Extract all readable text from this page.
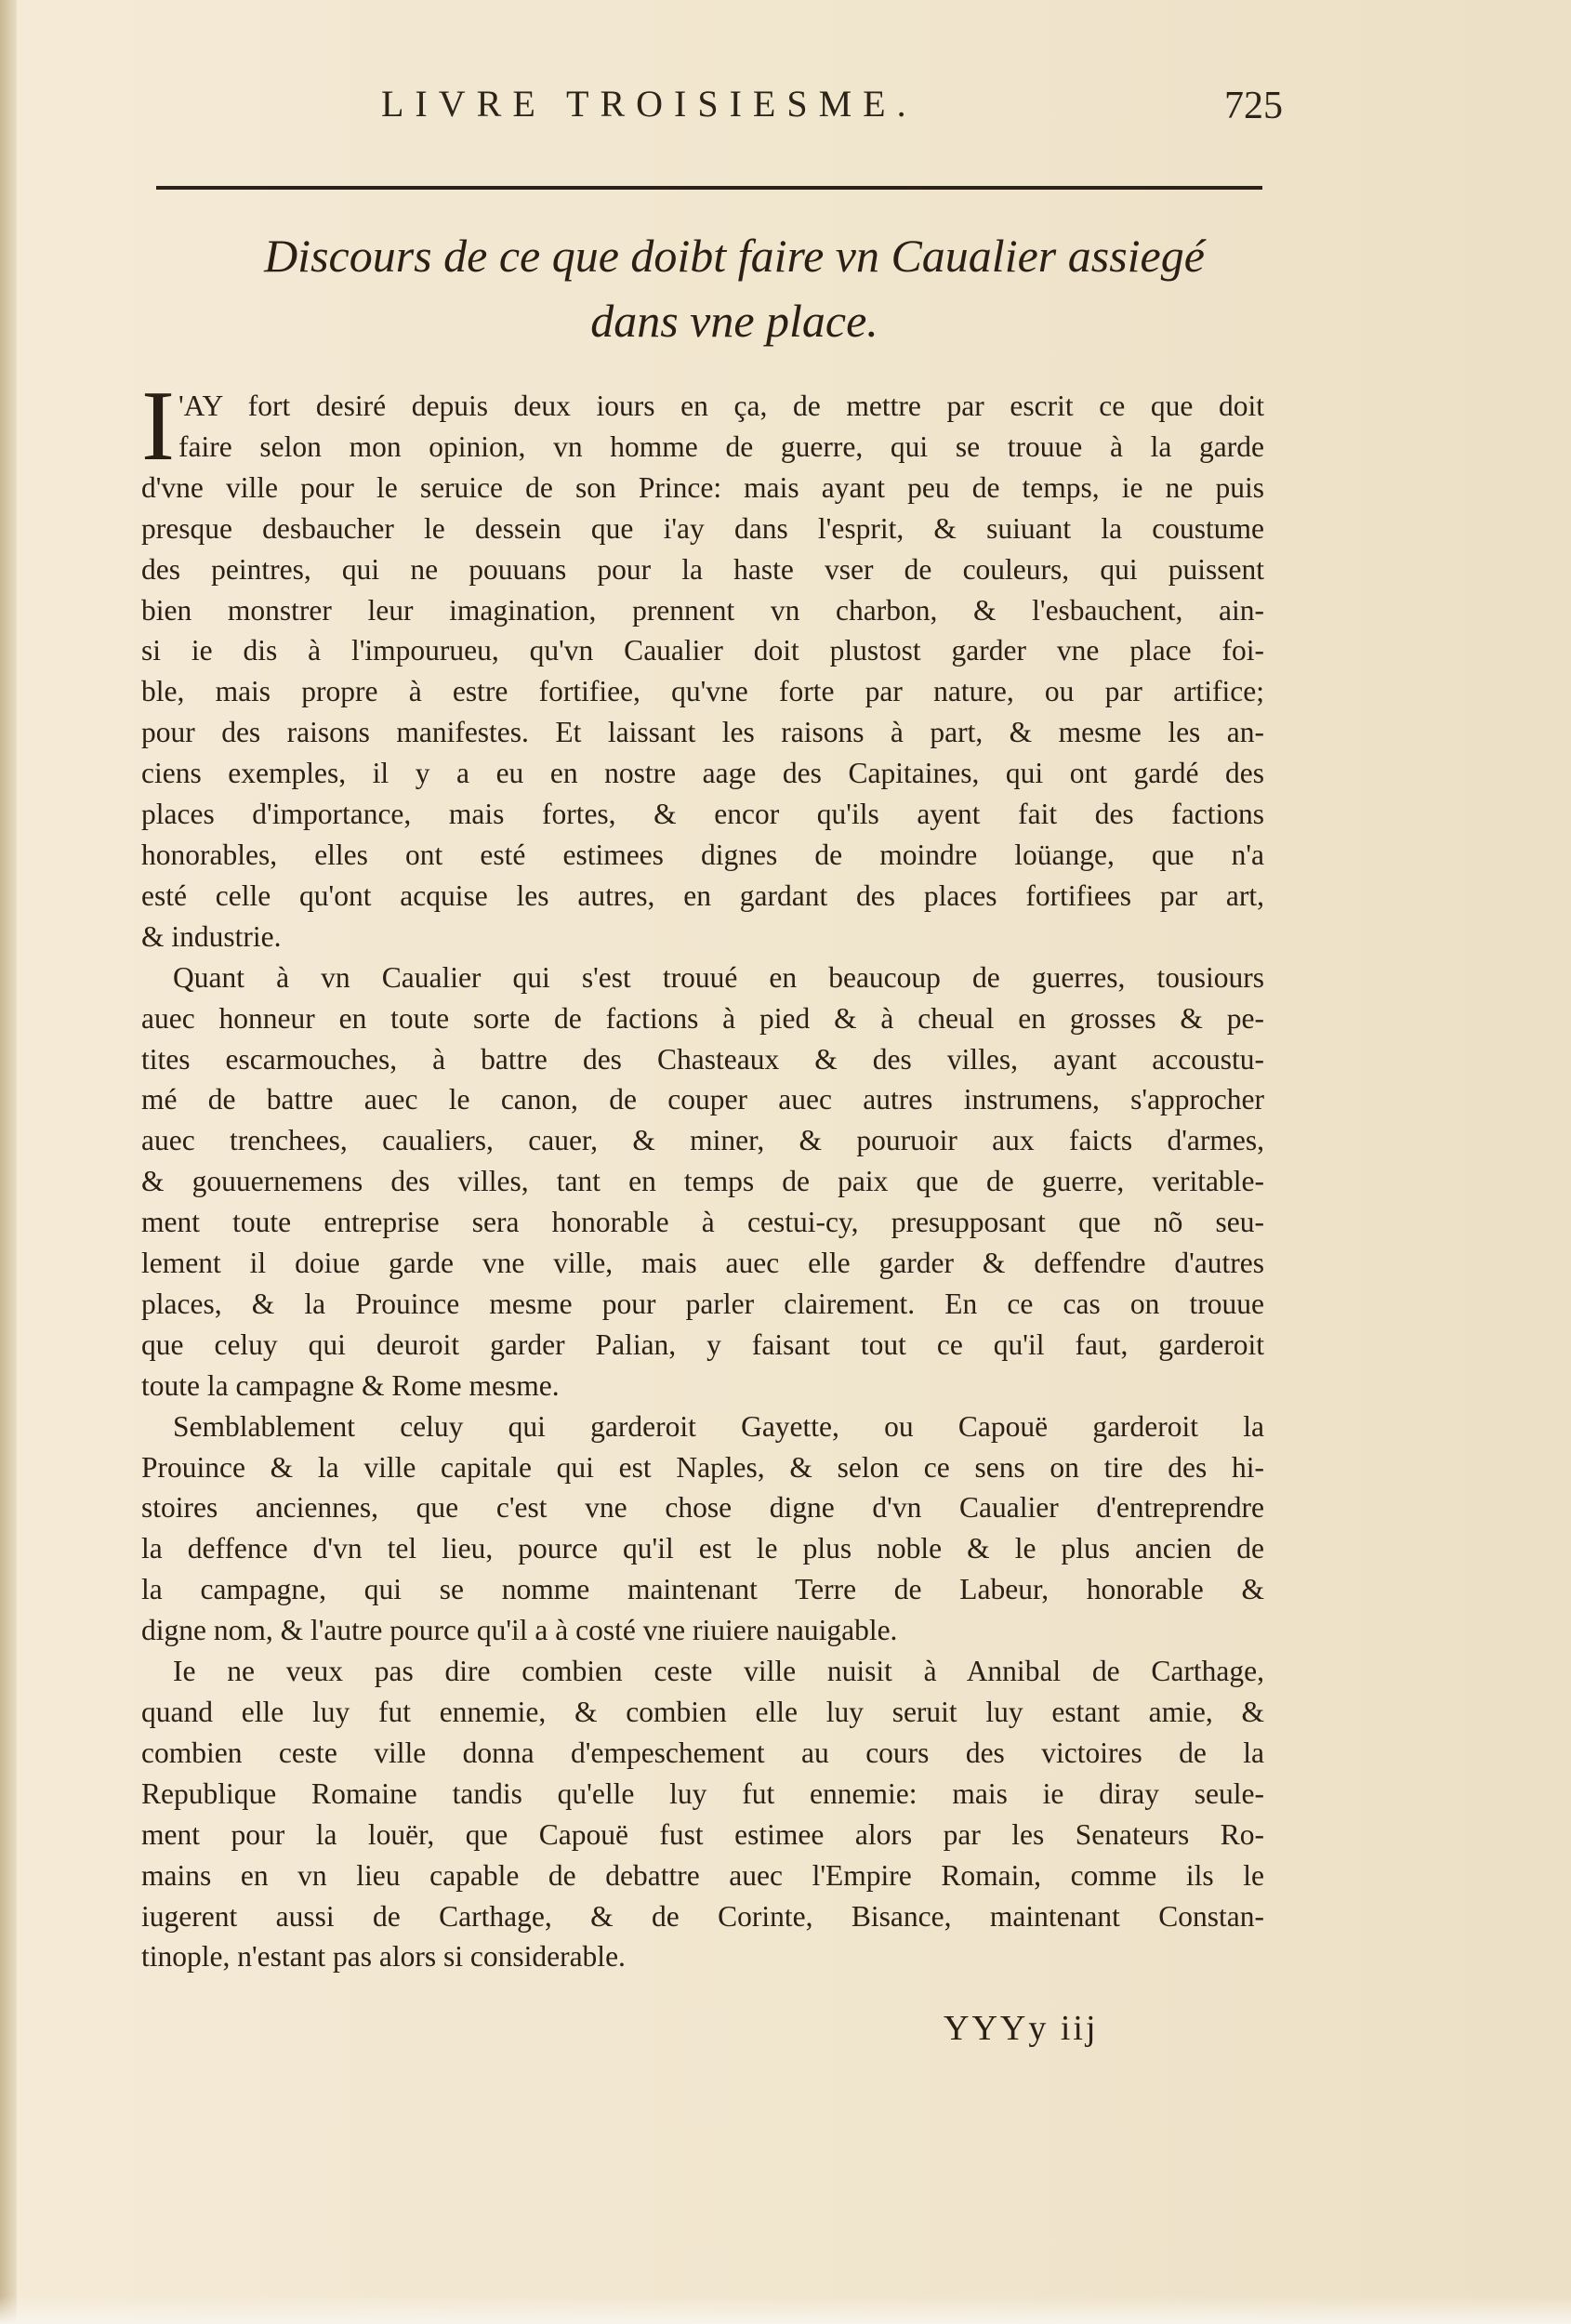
LIVRE TROISIESME.	725
Discours de ce que doibt faire vn Caualier assiegé
dans vne place.
I 'AY fort desiré depuis deux iours en ça, de mettre par escrit ce que doit
faire selon mon opinion, vn homme de guerre, qui se trouue à la garde
d'vne ville pour le seruice de son Prince: mais ayant peu de temps, ie ne puis
presque desbaucher le dessein que i'ay dans l'esprit, & suiuant la coustume
des peintres, qui ne pouuans pour la haste vser de couleurs, qui puissent
bien monstrer leur imagination, prennent vn charbon, & l'esbauchent, ain-
si ie dis à l'impourueu, qu'vn Caualier doit plustost garder vne place foi-
ble, mais propre à estre fortifiee, qu'vne forte par nature, ou par artifice;
pour des raisons manifestes. Et laissant les raisons à part, & mesme les an-
ciens exemples, il y a eu en nostre aage des Capitaines, qui ont gardé des
places d'importance, mais fortes, & encor qu'ils ayent fait des factions
honorables, elles ont esté estimees dignes de moindre loüange, que n'a
esté celle qu'ont acquise les autres, en gardant des places fortifiees par art,
& industrie.
Quant à vn Caualier qui s'est trouué en beaucoup de guerres, tousiours
auec honneur en toute sorte de factions à pied & à cheual en grosses & pe-
tites escarmouches, à battre des Chasteaux & des villes, ayant accoustu-
mé de battre auec le canon, de couper auec autres instrumens, s'approcher
auec trenchees, caualiers, cauer, & miner, & pouruoir aux faicts d'armes,
& gouuernemens des villes, tant en temps de paix que de guerre, veritable-
ment toute entreprise sera honorable à cestui-cy, presupposant que nõ seu-
lement il doiue garde vne ville, mais auec elle garder & deffendre d'autres
places, & la Prouince mesme pour parler clairement. En ce cas on trouue
que celuy qui deuroit garder Palian, y faisant tout ce qu'il faut, garderoit
toute la campagne & Rome mesme.
Semblablement celuy qui garderoit Gayette, ou Capouë garderoit la
Prouince & la ville capitale qui est Naples, & selon ce sens on tire des hi-
stoires anciennes, que c'est vne chose digne d'vn Caualier d'entreprendre
la deffence d'vn tel lieu, pource qu'il est le plus noble & le plus ancien de
la campagne, qui se nomme maintenant Terre de Labeur, honorable &
digne nom, & l'autre pource qu'il a à costé vne riuiere nauigable.
Ie ne veux pas dire combien ceste ville nuisit à Annibal de Carthage,
quand elle luy fut ennemie, & combien elle luy seruit luy estant amie, &
combien ceste ville donna d'empeschement au cours des victoires de la
Republique Romaine tandis qu'elle luy fut ennemie: mais ie diray seule-
ment pour la louër, que Capouë fust estimee alors par les Senateurs Ro-
mains en vn lieu capable de debattre auec l'Empire Romain, comme ils le
iugerent aussi de Carthage, & de Corinte, Bisance, maintenant Constan-
tinople, n'estant pas alors si considerable.
YYYy iij
